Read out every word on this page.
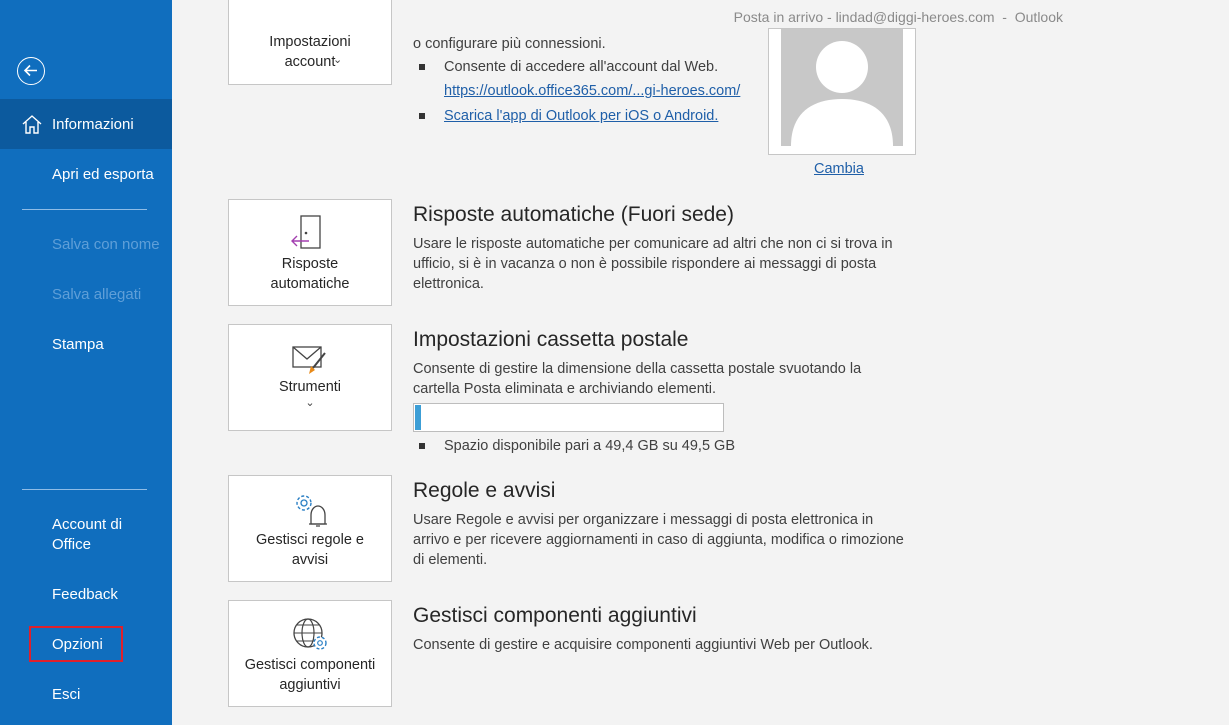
Informazioni
Apri ed esporta
Salva con nome
Salva allegati
Stampa
Account di Office
Feedback
Opzioni
Esci
Posta in arrivo - lindad@diggi-heroes.com  -  Outlook
Impostazioni account
⌄
o configurare più connessioni.
Consente di accedere all'account dal Web.
https://outlook.office365.com/...gi-heroes.com/
Scarica l'app di Outlook per iOS o Android.
Cambia
Risposte automatiche
Risposte automatiche (Fuori sede)
Usare le risposte automatiche per comunicare ad altri che non ci si trova in ufficio, si è in vacanza o non è possibile rispondere ai messaggi di posta elettronica.
Strumenti
⌄
Impostazioni cassetta postale
Consente di gestire la dimensione della cassetta postale svuotando la cartella Posta eliminata e archiviando elementi.
Spazio disponibile pari a 49,4 GB su 49,5 GB
Gestisci regole e avvisi
Regole e avvisi
Usare Regole e avvisi per organizzare i messaggi di posta elettronica in arrivo e per ricevere aggiornamenti in caso di aggiunta, modifica o rimozione di elementi.
Gestisci componenti aggiuntivi
Gestisci componenti aggiuntivi
Consente di gestire e acquisire componenti aggiuntivi Web per Outlook.
